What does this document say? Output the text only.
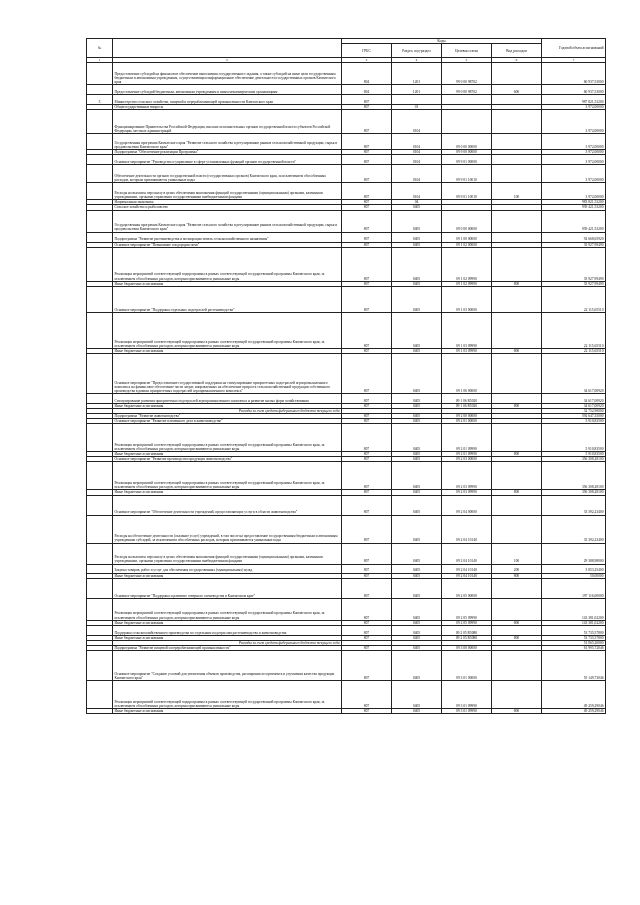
№		Коды				Годовой объем ассигнований
		ГРБС	Раздел, под-раздел	Целевая статья	Вид расходов	
1	2	3	4	5	6	7
	Предоставление субсидий на финансовое обеспечение выполнения государственного задания, а также субсидий на иные цели государственным бюджетным и автономным учреждениям, осуществляющим информационное обеспечение деятельности государственных органов Камчатского края	804	1201	99 0 00 98702		60 937,53000
	Предоставление субсидий бюджетным, автономным учреждениям и иным некоммерческим организациям	804	1201	99 0 00 98702	600	60 937,53000
5	Министерство сельского хозяйства, пищевой и перерабатывающей промышленности Камчатского края	807				987 821,53200
	Общегосударственные вопросы	807	01			3 972,00000
	Функционирование Правительства Российской Федерации, высших исполнительных органов государственной власти субъектов Российской Федерации, местных администраций	807	0104			3 972,00000
	Государственная программа Камчатского края "Развитие сельского хозяйства и регулирование рынков сельскохозяйственной продукции, сырья и продовольствия Камчатского края"	807	0104	09 0 00 00000		3 972,00000
	Подпрограмма "Обеспечение реализации Программы"	807	0104	09 9 00 00000		3 972,00000
	Основное мероприятие "Руководство и управление в сфере установленных функций органов государственной власти"	807	0104	09 9 01 00000		3 972,00000
	Обеспечение деятельности органов государственной власти (государственных органов) Камчатского края, за исключением обособленных расходов, которым присваиваются уникальные коды	807	0104	09 9 01 10010		3 972,00000
	Расходы на выплаты персоналу в целях обеспечения выполнения функций государственными (муниципальными) органами, казенными учреждениями, органами управления государственными внебюджетными фондами	807	0104	09 9 01 10010	100	3 972,00000
	Национальная экономика	807	04			983 821,53200
	Сельское хозяйство и рыболовство	807	0405			939 421,53200
	Государственная программа Камчатского края "Развитие сельского хозяйства и регулирование рынков сельскохозяйственной продукции, сырья и продовольствия Камчатского края"	807	0405	09 0 00 00000		939 421,53200
	Подпрограмма "Развитие растениеводства и мелиорации земель сельскохозяйственного назначения"	807	0405	09 1 00 00000		92 668,65920
	Основное мероприятие "Повышение плодородия почв"	807	0405	09 1 02 00000		35 927,99490
	Реализация мероприятий соответствующей подпрограммы в рамках соответствующей государственной программы Камчатского края, за исключением обособленных расходов, которым присваиваются уникальные коды	807	0405	09 1 02 09990		35 927,99490
	Иные бюджетные ассигнования	807	0405	09 1 02 09990	800	35 927,99490
	Основное мероприятие "Поддержка отдельных подотраслей растениеводства"	807	0405	09 1 03 00000		22 115,65510
	Реализация мероприятий соответствующей подпрограммы в рамках соответствующей государственной программы Камчатского края, за исключением обособленных расходов, которым присваиваются уникальные коды	807	0405	09 1 03 09990		22 115,65510
	Иные бюджетные ассигнования	807	0405	09 1 03 09990	800	22 115,65510
	Основное мероприятие "Предоставление государственной поддержки на стимулирование приоритетных подотраслей агропромышленного комплекса на финансовое обеспечение части затрат, направленных на обеспечение прироста сельскохозяйственной продукции собственного производства в рамках приоритетных подотраслей агропромышленного комплекса"	807	0405	09 1 06 00000		34 617,00920
	Стимулирование развития приоритетных подотраслей агропромышленного комплекса и развитие малых форм хозяйствования	807	0405	09 1 06 R5020		34 617,00920
	Иные бюджетные ассигнования	807	0405	09 1 06 R5020	800	34 617,00920
	Расходы за счет средств федерального бюджета текущего года					32 752,90000
	Подпрограмма "Развитие животноводства"	807	0405	09 2 00 00000		592 647,35000
	Основное мероприятие "Развитие племенного дела в животноводстве"	807	0405	09 2 01 00000		5 910,83500
	Реализация мероприятий соответствующей подпрограммы в рамках соответствующей государственной программы Камчатского края, за исключением обособленных расходов, которым присваиваются уникальные коды	807	0405	09 2 01 09990		5 910,83500
	Иные бюджетные ассигнования	807	0405	09 2 01 09990	800	5 910,83500
	Основное мероприятие "Развитие производства продукции животноводства"	807	0405	09 2 03 00000		356 308,28100
	Реализация мероприятий соответствующей подпрограммы в рамках соответствующей государственной программы Камчатского края, за исключением обособленных расходов, которым присваиваются уникальные коды	807	0405	09 2 03 09990		356 308,28100
	Иные бюджетные ассигнования	807	0405	09 2 03 09990	800	356 308,28100
	Основное мероприятие "Обеспечение деятельности учреждений, предоставляющих услуги в области животноводства"	807	0405	09 2 04 00000		33 392,23400
	Расходы на обеспечение деятельности (оказание услуг) учреждений, в том числе на предоставление государственным бюджетным и автономным учреждениям субсидий, за исключением обособленных расходов, которым присваиваются уникальные коды	807	0405	09 2 04 10140		33 392,23400
	Расходы на выплаты персоналу в целях обеспечения выполнения функций государственными (муниципальными) органами, казенными учреждениями, органами управления государственными внебюджетными фондами	807	0405	09 2 04 10140	100	29 388,98000
	Закупка товаров, работ и услуг для обеспечения государственных (муниципальных) нужд	807	0405	09 2 04 10140	200	3 853,25400
	Иные бюджетные ассигнования	807	0405	09 2 04 10140	800	50,00000
	Основное мероприятие "Поддержка и развитие северного оленеводства в Камчатском крае"	807	0405	09 2 05 00000		197 116,00000
	Реализация мероприятий соответствующей подпрограммы в рамках соответствующей государственной программы Камчатского края, за исключением обособленных расходов, которым присваиваются уникальные коды	807	0405	09 2 05 09990		143 381,02200
	Иные бюджетные ассигнования	807	0405	09 2 05 09990	800	143 381,02200
	Поддержка сельскохозяйственного производства по отдельным подотраслям растениеводства и животноводства	807	0405	09 2 05 R5080		53 735,57800
	Иные бюджетные ассигнования	807	0405	09 2 05 R5080	800	53 735,57800
	Расходы за счет средств федерального бюджета текущего года					51 065,20000
	Подпрограмма "Развитие пищевой и перерабатывающей промышленности"	807	0405	09 3 00 00000		61 995,72046
	Основное мероприятие "Создание условий для увеличения объемов производства, расширения ассортимента и улучшения качества продукции Камчатского края"	807	0405	09 3 01 00000		55 149,73046
	Реализация мероприятий соответствующей подпрограммы в рамках соответствующей государственной программы Камчатского края, за исключением обособленных расходов, которым присваиваются уникальные коды	807	0405	09 3 01 09990		49 259,29046
	Иные бюджетные ассигнования	807	0405	09 3 01 09990	800	49 259,29046
